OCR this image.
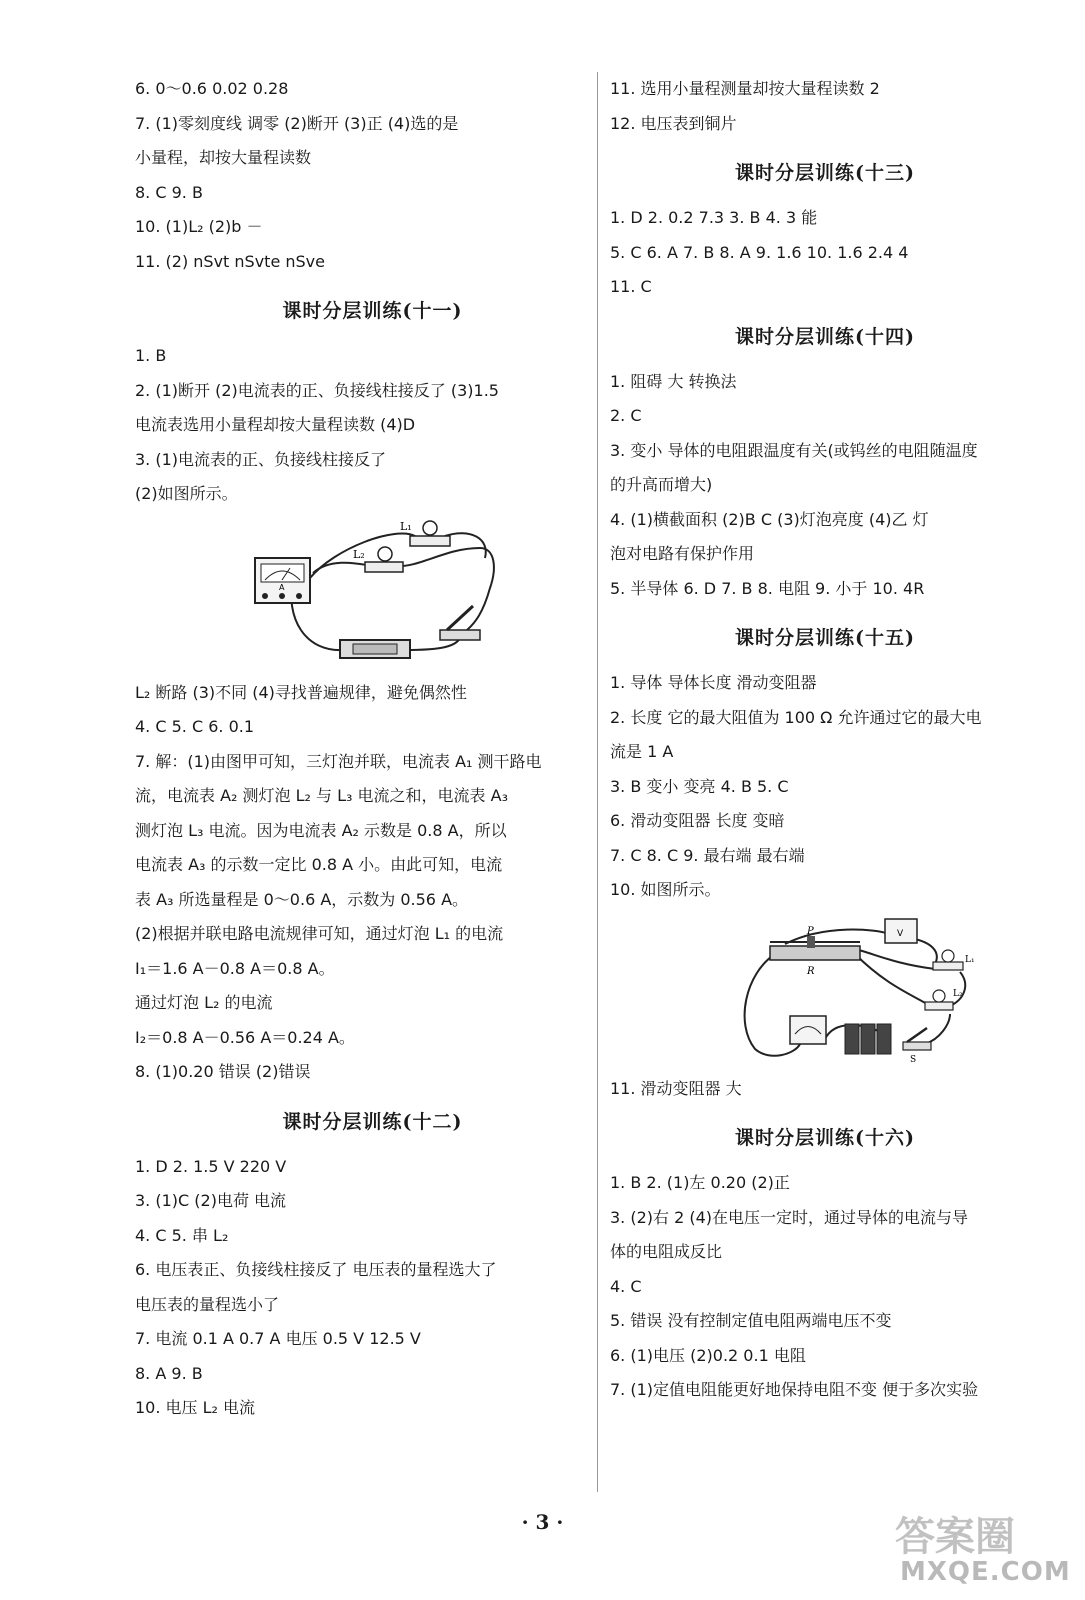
6. 0～0.6 0.02 0.28
7. (1)零刻度线 调零 (2)断开 (3)正 (4)选的是
小量程，却按大量程读数
8. C 9. B
10. (1)L₂ (2)b －
11. (2) nSvt nSvte nSve
课时分层训练(十一)
1. B
2. (1)断开 (2)电流表的正、负接线柱接反了 (3)1.5
电流表选用小量程却按大量程读数 (4)D
3. (1)电流表的正、负接线柱接反了
(2)如图所示。
A
L₁
L₂
L₂ 断路 (3)不同 (4)寻找普遍规律，避免偶然性
4. C 5. C 6. 0.1
7. 解：(1)由图甲可知，三灯泡并联，电流表 A₁ 测干路电
流，电流表 A₂ 测灯泡 L₂ 与 L₃ 电流之和，电流表 A₃
测灯泡 L₃ 电流。因为电流表 A₂ 示数是 0.8 A，所以
电流表 A₃ 的示数一定比 0.8 A 小。由此可知，电流
表 A₃ 所选量程是 0～0.6 A，示数为 0.56 A。
(2)根据并联电路电流规律可知，通过灯泡 L₁ 的电流
I₁＝1.6 A－0.8 A＝0.8 A。
通过灯泡 L₂ 的电流
I₂＝0.8 A－0.56 A＝0.24 A。
8. (1)0.20 错误 (2)错误
课时分层训练(十二)
1. D 2. 1.5 V 220 V
3. (1)C (2)电荷 电流
4. C 5. 串 L₂
6. 电压表正、负接线柱接反了 电压表的量程选大了
电压表的量程选小了
7. 电流 0.1 A 0.7 A 电压 0.5 V 12.5 V
8. A 9. B
10. 电压 L₂ 电流
11. 选用小量程测量却按大量程读数 2
12. 电压表到铜片
课时分层训练(十三)
1. D 2. 0.2 7.3 3. B 4. 3 能
5. C 6. A 7. B 8. A 9. 1.6 10. 1.6 2.4 4
11. C
课时分层训练(十四)
1. 阻碍 大 转换法
2. C
3. 变小 导体的电阻跟温度有关(或钨丝的电阻随温度
的升高而增大)
4. (1)横截面积 (2)B C (3)灯泡亮度 (4)乙 灯
泡对电路有保护作用
5. 半导体 6. D 7. B 8. 电阻 9. 小于 10. 4R
课时分层训练(十五)
1. 导体 导体长度 滑动变阻器
2. 长度 它的最大阻值为 100 Ω 允许通过它的最大电
流是 1 A
3. B 变小 变亮 4. B 5. C
6. 滑动变阻器 长度 变暗
7. C 8. C 9. 最右端 最右端
10. 如图所示。
V
P
R
L₁
L₂
S
11. 滑动变阻器 大
课时分层训练(十六)
1. B 2. (1)左 0.20 (2)正
3. (2)右 2 (4)在电压一定时，通过导体的电流与导
体的电阻成反比
4. C
5. 错误 没有控制定值电阻两端电压不变
6. (1)电压 (2)0.2 0.1 电阻
7. (1)定值电阻能更好地保持电阻不变 便于多次实验
· 3 ·	答案圈
MXQE.COM
